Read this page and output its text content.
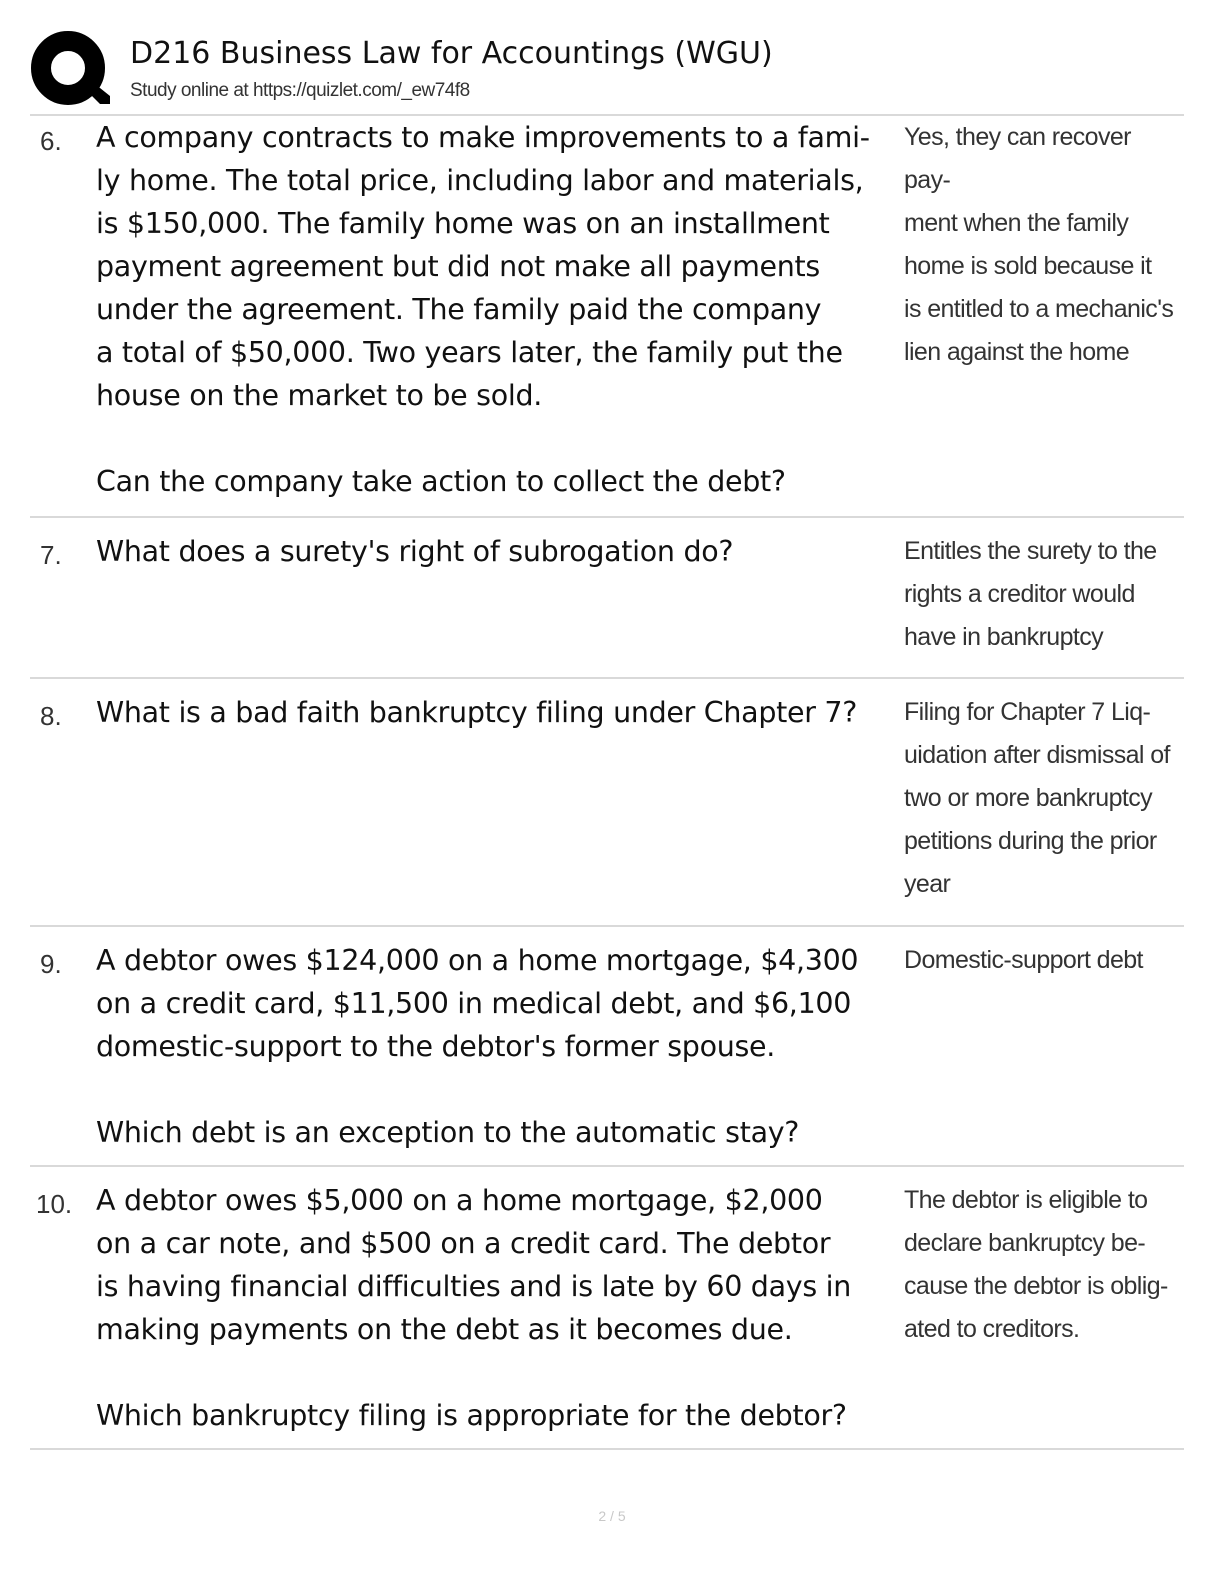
D216 Business Law for Accountings (WGU)
Study online at https://quizlet.com/_ew74f8
6. A company contracts to make improvements to a fami-
ly home. The total price, including labor and materials,
is $150,000. The family home was on an installment
payment agreement but did not make all payments
under the agreement. The family paid the company
a total of $50,000. Two years later, the family put the
house on the market to be sold.

Can the company take action to collect the debt?
Yes, they can recover pay-
ment when the family
home is sold because it
is entitled to a mechanic's
lien against the home
7. What does a surety's right of subrogation do?	Entitles the surety to the
rights a creditor would
have in bankruptcy
8. What is a bad faith bankruptcy filing under Chapter 7?	Filing for Chapter 7 Liq-
uidation after dismissal of
two or more bankruptcy
petitions during the prior
year
9. A debtor owes $124,000 on a home mortgage, $4,300
on a credit card, $11,500 in medical debt, and $6,100
domestic-support to the debtor's former spouse.

Which debt is an exception to the automatic stay?
Domestic-support debt
10. A debtor owes $5,000 on a home mortgage, $2,000
on a car note, and $500 on a credit card. The debtor
is having financial difficulties and is late by 60 days in
making payments on the debt as it becomes due.

Which bankruptcy filing is appropriate for the debtor?
The debtor is eligible to
declare bankruptcy be-
cause the debtor is oblig-
ated to creditors.
2 / 5
